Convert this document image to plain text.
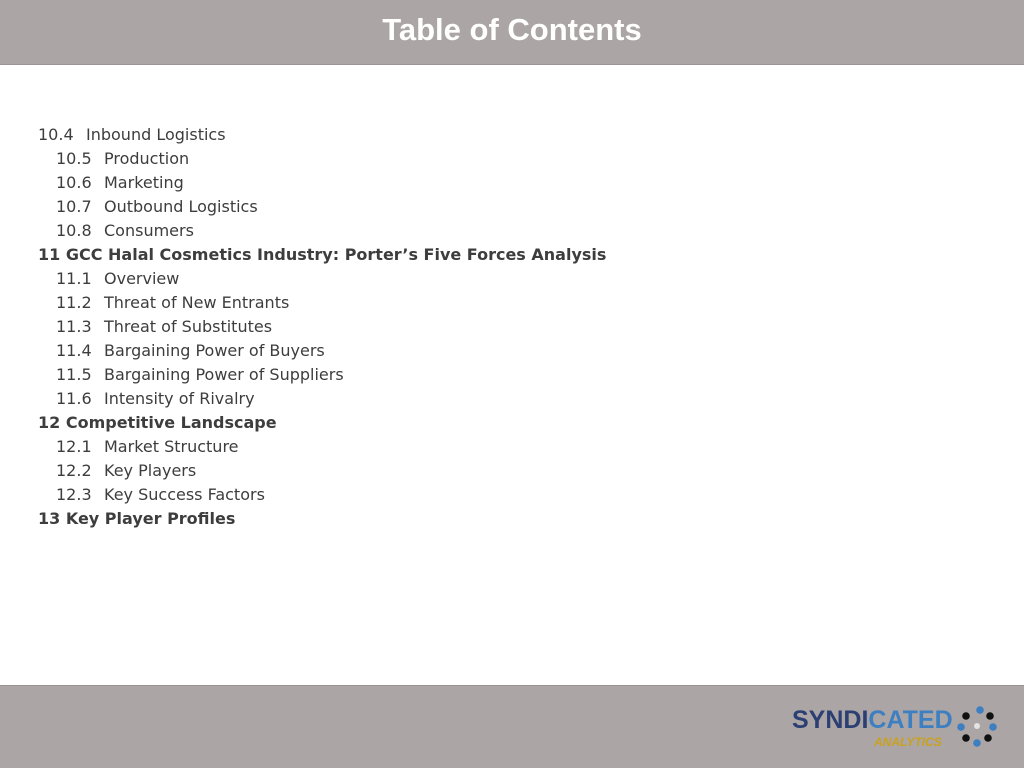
Table of Contents
10.4 Inbound Logistics
10.5 Production
10.6 Marketing
10.7 Outbound Logistics
10.8 Consumers
11 GCC Halal Cosmetics Industry: Porter’s Five Forces Analysis
11.1 Overview
11.2 Threat of New Entrants
11.3 Threat of Substitutes
11.4 Bargaining Power of Buyers
11.5 Bargaining Power of Suppliers
11.6 Intensity of Rivalry
12 Competitive Landscape
12.1 Market Structure
12.2 Key Players
12.3 Key Success Factors
13 Key Player Profiles
SYNDICATED
ANALYTICS
